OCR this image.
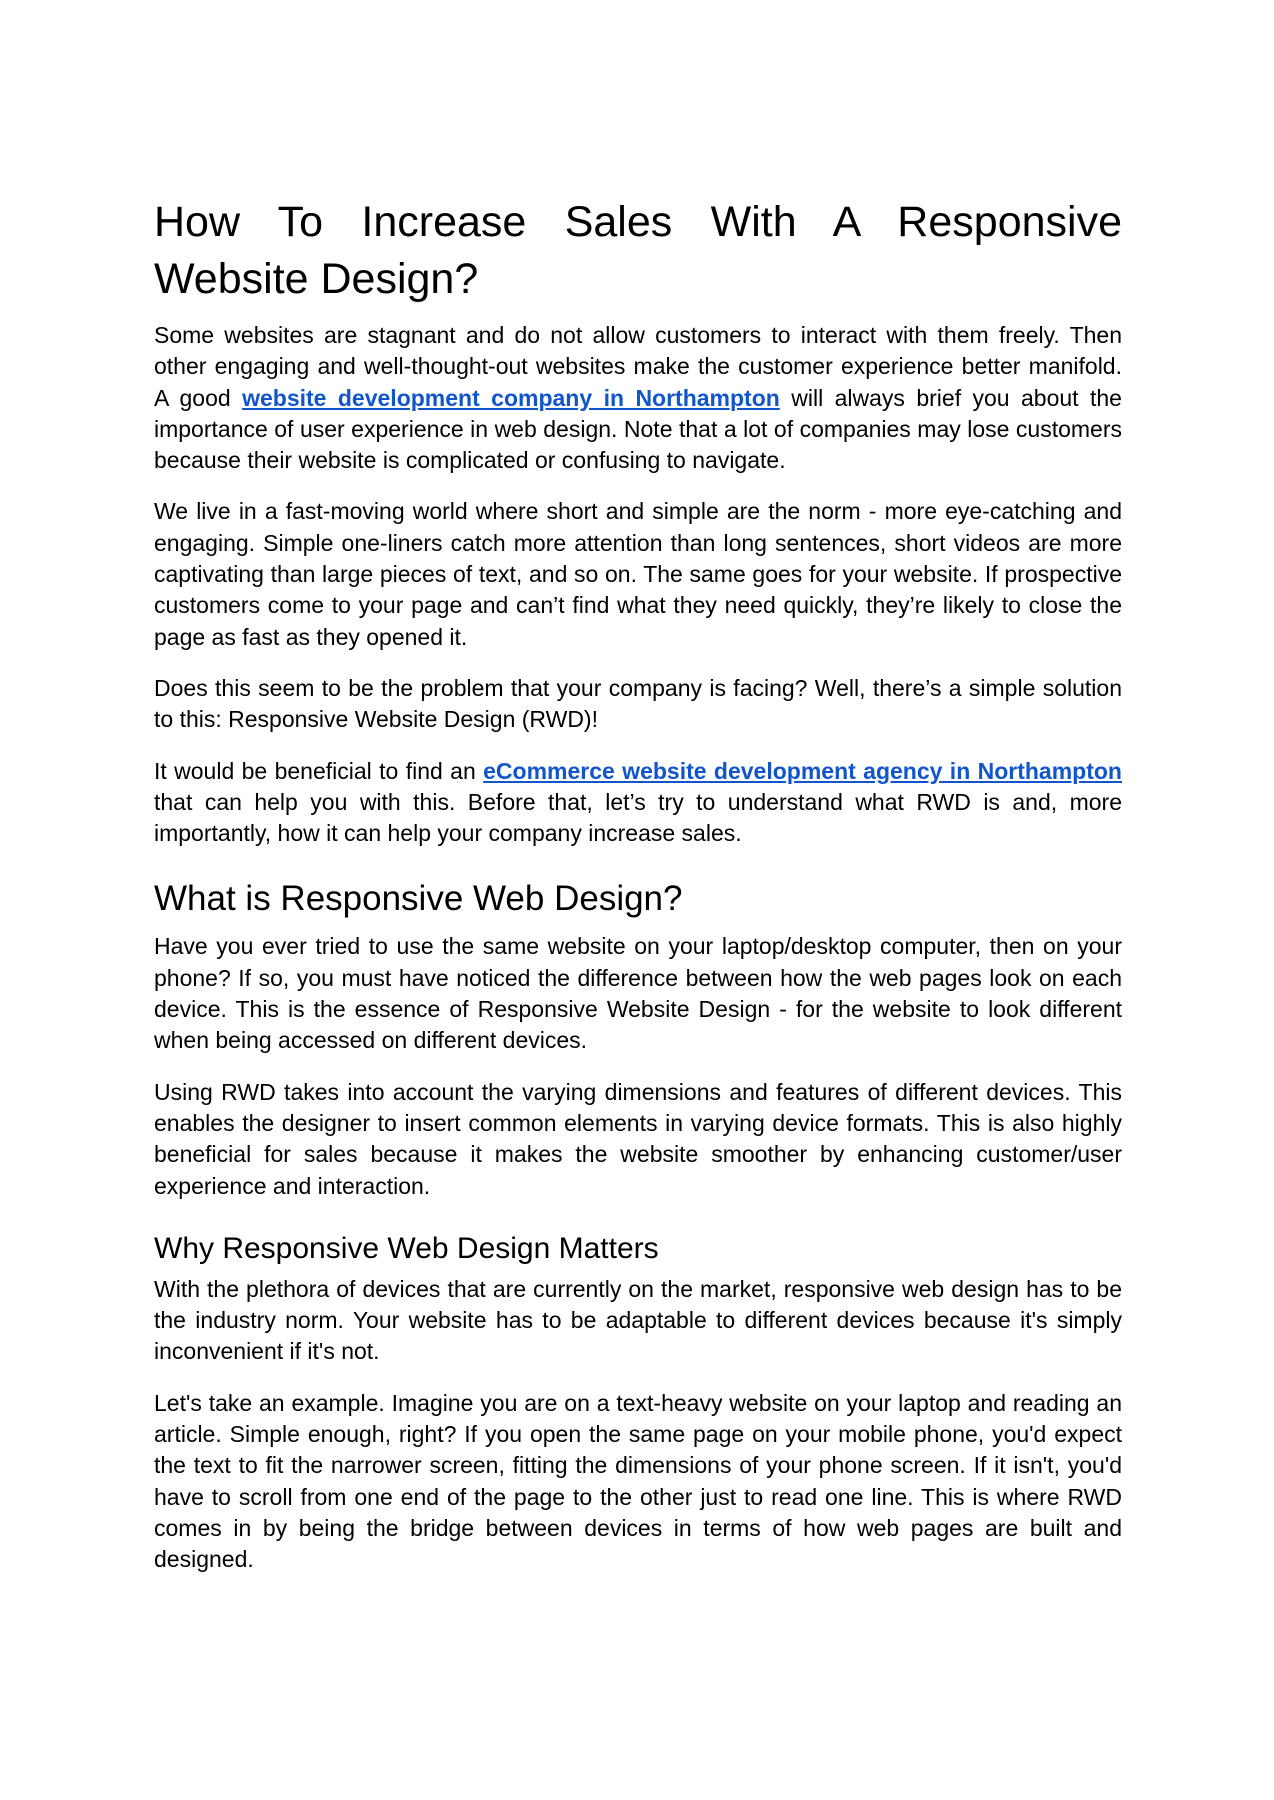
How To Increase Sales With A Responsive Website Design?

Some websites are stagnant and do not allow customers to interact with them freely. Then other engaging and well-thought-out websites make the customer experience better manifold. A good website development company in Northampton will always brief you about the importance of user experience in web design. Note that a lot of companies may lose customers because their website is complicated or confusing to navigate.

We live in a fast-moving world where short and simple are the norm - more eye-catching and engaging. Simple one-liners catch more attention than long sentences, short videos are more captivating than large pieces of text, and so on. The same goes for your website. If prospective customers come to your page and can’t find what they need quickly, they’re likely to close the page as fast as they opened it.

Does this seem to be the problem that your company is facing? Well, there’s a simple solution to this: Responsive Website Design (RWD)!

It would be beneficial to find an eCommerce website development agency in Northampton that can help you with this. Before that, let’s try to understand what RWD is and, more importantly, how it can help your company increase sales.

What is Responsive Web Design?

Have you ever tried to use the same website on your laptop/desktop computer, then on your phone? If so, you must have noticed the difference between how the web pages look on each device. This is the essence of Responsive Website Design - for the website to look different when being accessed on different devices.

Using RWD takes into account the varying dimensions and features of different devices. This enables the designer to insert common elements in varying device formats. This is also highly beneficial for sales because it makes the website smoother by enhancing customer/user experience and interaction.

Why Responsive Web Design Matters

With the plethora of devices that are currently on the market, responsive web design has to be the industry norm. Your website has to be adaptable to different devices because it's simply inconvenient if it's not.

Let's take an example. Imagine you are on a text-heavy website on your laptop and reading an article. Simple enough, right? If you open the same page on your mobile phone, you'd expect the text to fit the narrower screen, fitting the dimensions of your phone screen. If it isn't, you'd have to scroll from one end of the page to the other just to read one line. This is where RWD comes in by being the bridge between devices in terms of how web pages are built and designed.
